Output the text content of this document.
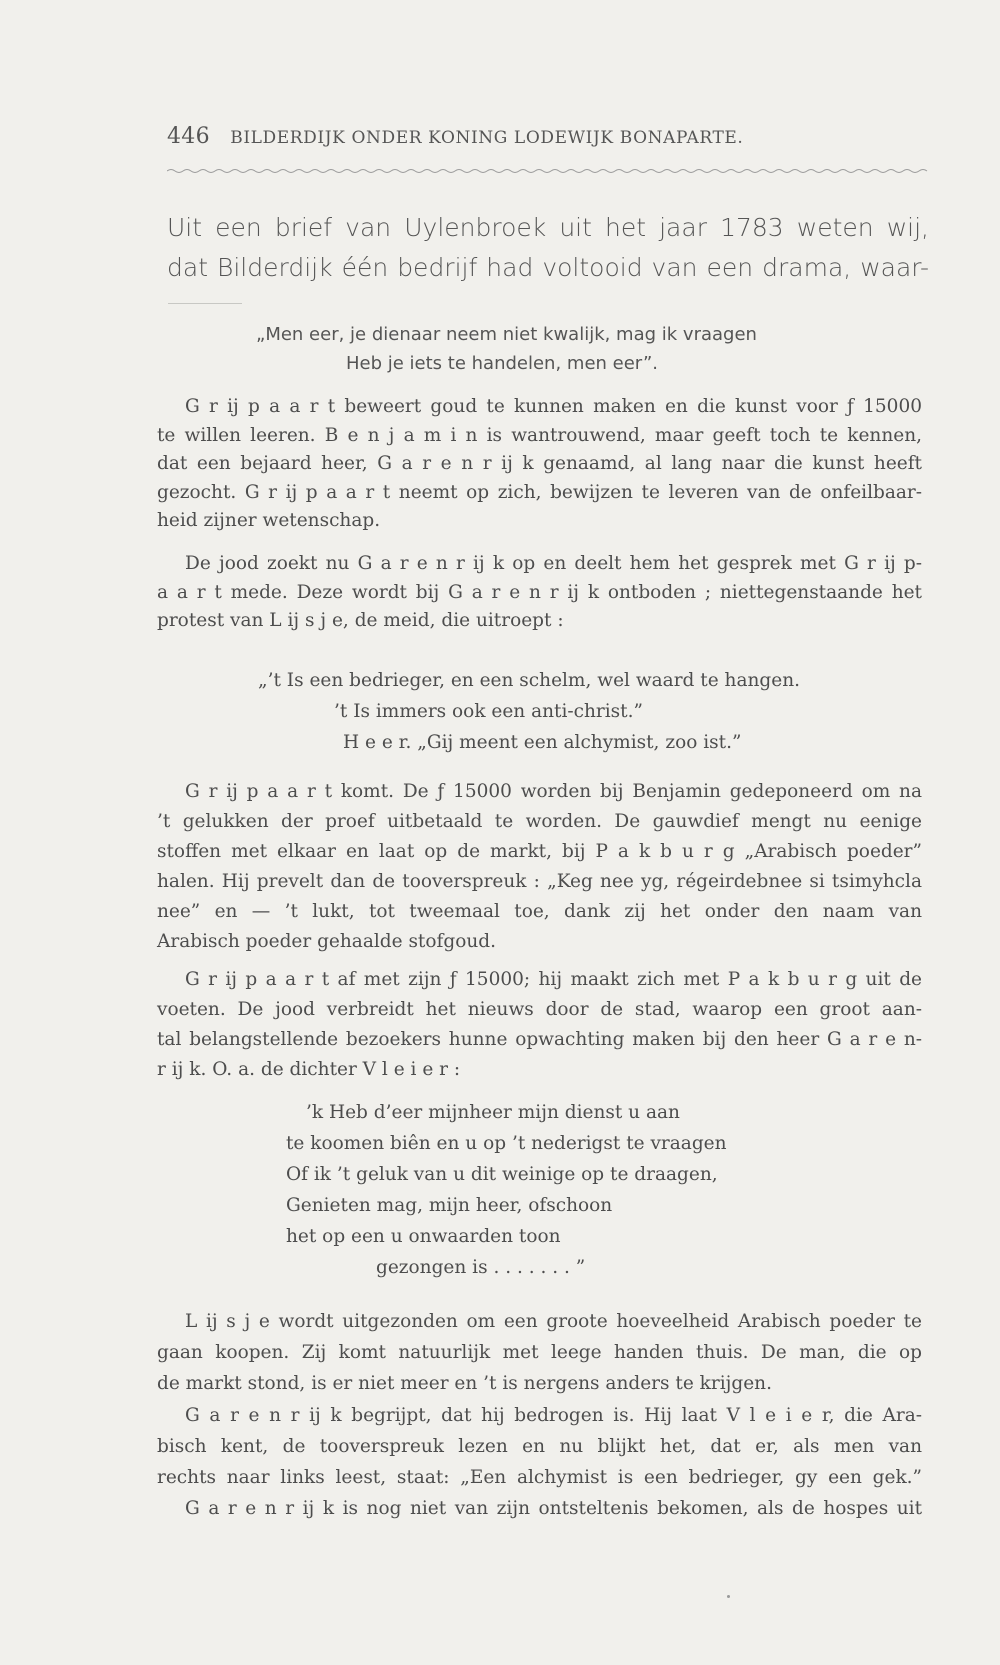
446 BILDERDIJK ONDER KONING LODEWIJK BONAPARTE.
Uit een brief van Uylenbroek uit het jaar 1783 weten wij,
dat Bilderdijk één bedrijf had voltooid van een drama, waar-
„Men eer, je dienaar neem niet kwalijk, mag ik vraagen
Heb je iets te handelen, men eer”.
G r ij p a a r t beweert goud te kunnen maken en die kunst voor ƒ 15000
te willen leeren. B e n j a m i n is wantrouwend, maar geeft toch te kennen,
dat een bejaard heer, G a r e n r ij k genaamd, al lang naar die kunst heeft
gezocht. G r ij p a a r t neemt op zich, bewijzen te leveren van de onfeilbaar-
heid zijner wetenschap.
De jood zoekt nu G a r e n r ij k op en deelt hem het gesprek met G r ij p-
a a r t mede. Deze wordt bij G a r e n r ij k ontboden ; niettegenstaande het
protest van L ij s j e, de meid, die uitroept :
„’t Is een bedrieger, en een schelm, wel waard te hangen.
’t Is immers ook een anti-christ.”
H e e r. „Gij meent een alchymist, zoo ist.”
G r ij p a a r t komt. De ƒ 15000 worden bij Benjamin gedeponeerd om na
’t gelukken der proef uitbetaald te worden. De gauwdief mengt nu eenige
stoffen met elkaar en laat op de markt, bij P a k b u r g „Arabisch poeder”
halen. Hij prevelt dan de tooverspreuk : „Keg nee yg, régeirdebnee si tsimyhcla
nee” en — ’t lukt, tot tweemaal toe, dank zij het onder den naam van
Arabisch poeder gehaalde stofgoud.
G r ij p a a r t af met zijn ƒ 15000; hij maakt zich met P a k b u r g uit de
voeten. De jood verbreidt het nieuws door de stad, waarop een groot aan-
tal belangstellende bezoekers hunne opwachting maken bij den heer G a r e n-
r ij k. O. a. de dichter V l e i e r :
’k Heb d’eer mijnheer mijn dienst u aan
te koomen biên en u op ’t nederigst te vraagen
Of ik ’t geluk van u dit weinige op te draagen,
Genieten mag, mijn heer, ofschoon
het op een u onwaarden toon
gezongen is . . . . . . . ”
L ij s j e wordt uitgezonden om een groote hoeveelheid Arabisch poeder te
gaan koopen. Zij komt natuurlijk met leege handen thuis. De man, die op
de markt stond, is er niet meer en ’t is nergens anders te krijgen.
G a r e n r ij k begrijpt, dat hij bedrogen is. Hij laat V l e i e r, die Ara-
bisch kent, de tooverspreuk lezen en nu blijkt het, dat er, als men van
rechts naar links leest, staat: „Een alchymist is een bedrieger, gy een gek.”
G a r e n r ij k is nog niet van zijn ontsteltenis bekomen, als de hospes uit
